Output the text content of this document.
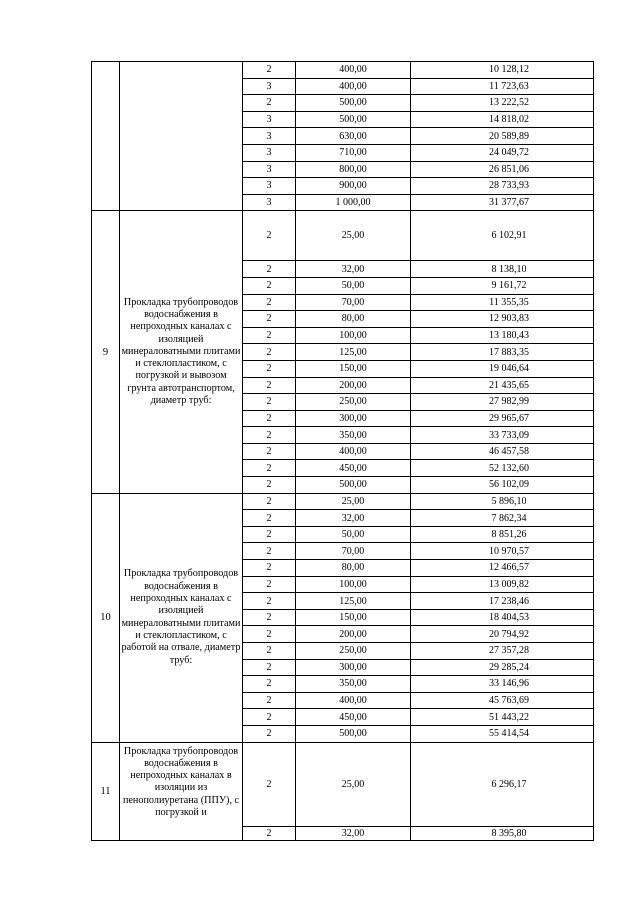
		2	400,00	10 128,12
		3	400,00	11 723,63
		2	500,00	13 222,52
		3	500,00	14 818,02
		3	630,00	20 589,89
		3	710,00	24 049,72
		3	800,00	26 851,06
		3	900,00	28 733,93
		3	1 000,00	31 377,67
9	Прокладка трубопроводов водоснабжения в непроходных каналах с изоляцией минераловатными плитами и стеклопластиком, с погрузкой и вывозом грунта автотранспортом, диаметр труб:	2	25,00	6 102,91
		2	32,00	8 138,10
		2	50,00	9 161,72
		2	70,00	11 355,35
		2	80,00	12 903,83
		2	100,00	13 180,43
		2	125,00	17 883,35
		2	150,00	19 046,64
		2	200,00	21 435,65
		2	250,00	27 982,99
		2	300,00	29 965,67
		2	350,00	33 733,09
		2	400,00	46 457,58
		2	450,00	52 132,60
		2	500,00	56 102,09
10	Прокладка трубопроводов водоснабжения в непроходных каналах с изоляцией минераловатными плитами и стеклопластиком, с работой на отвале, диаметр труб:	2	25,00	5 896,10
		2	32,00	7 862,34
		2	50,00	8 851,26
		2	70,00	10 970,57
		2	80,00	12 466,57
		2	100,00	13 009,82
		2	125,00	17 238,46
		2	150,00	18 404,53
		2	200,00	20 794,92
		2	250,00	27 357,28
		2	300,00	29 285,24
		2	350,00	33 146,96
		2	400,00	45 763,69
		2	450,00	51 443,22
		2	500,00	55 414,54
11	Прокладка трубопроводов водоснабжения в непроходных каналах в изоляции из пенополиуретана (ППУ), с погрузкой и	2	25,00	6 296,17
		2	32,00	8 395,80
